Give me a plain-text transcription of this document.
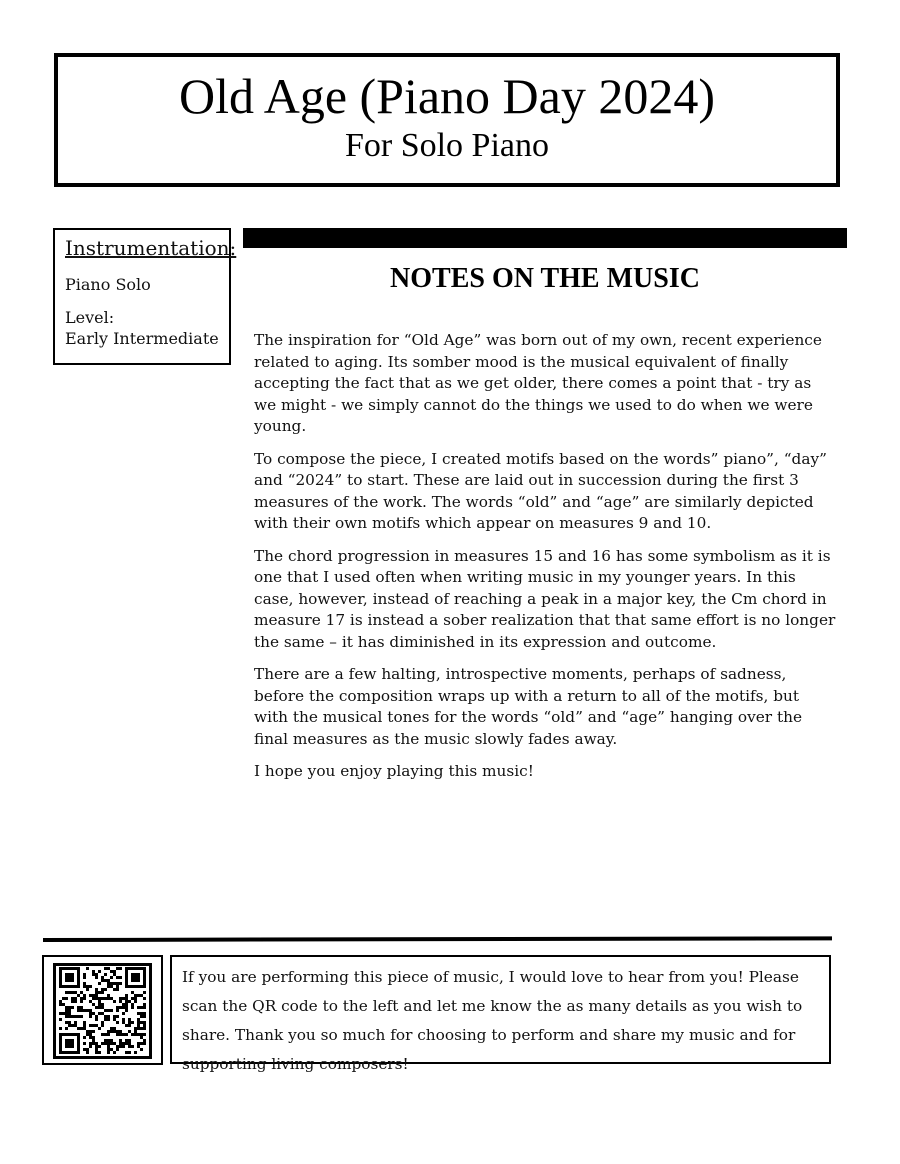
Old Age (Piano Day 2024)
For Solo Piano
Instrumentation:
Piano Solo
Level:
Early Intermediate
NOTES ON THE MUSIC

The inspiration for “Old Age” was born out of my own, recent experience related to aging. Its somber mood is the musical equivalent of finally accepting the fact that as we get older, there comes a point that - try as we might - we simply cannot do the things we used to do when we were young.

To compose the piece, I created motifs based on the words” piano”, “day” and “2024” to start. These are laid out in succession during the first 3 measures of the work. The words “old” and “age” are similarly depicted with their own motifs which appear on measures 9 and 10.

The chord progression in measures 15 and 16 has some symbolism as it is one that I used often when writing music in my younger years. In this case, however, instead of reaching a peak in a major key, the Cm chord in measure 17 is instead a sober realization that that same effort is no longer the same – it has diminished in its expression and outcome.

There are a few halting, introspective moments, perhaps of sadness, before the composition wraps up with a return to all of the motifs, but with the musical tones for the words “old” and “age” hanging over the final measures as the music slowly fades away.

I hope you enjoy playing this music!

If you are performing this piece of music, I would love to hear from you! Please scan the QR code to the left and let me know the as many details as you wish to share. Thank you so much for choosing to perform and share my music and for supporting living composers!
